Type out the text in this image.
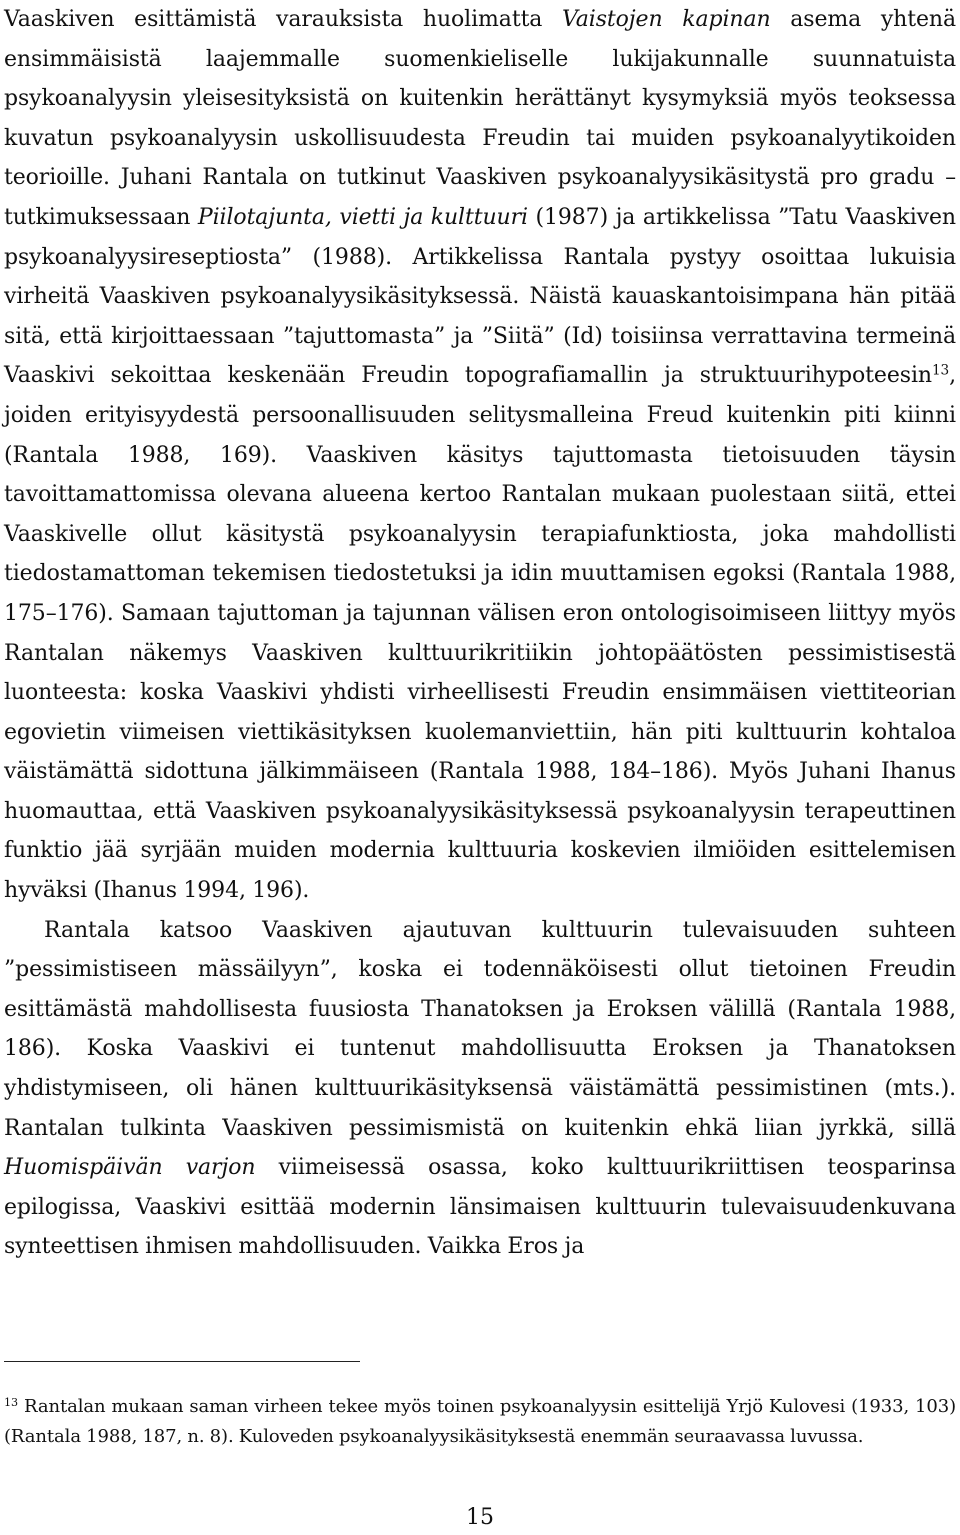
Vaaskiven esittämistä varauksista huolimatta Vaistojen kapinan asema yhtenä ensimmäisistä laajemmalle suomenkieliselle lukijakunnalle suunnatuista psykoanalyysin yleisesityksistä on kuitenkin herättänyt kysymyksiä myös teoksessa kuvatun psykoanalyysin uskollisuudesta Freudin tai muiden psykoanalyytikoiden teorioille. Juhani Rantala on tutkinut Vaaskiven psykoanalyysikäsitystä pro gradu –tutkimuksessaan Piilotajunta, vietti ja kulttuuri (1987) ja artikkelissa ”Tatu Vaaskiven psykoanalyysireseptiosta” (1988). Artikkelissa Rantala pystyy osoittaa lukuisia virheitä Vaaskiven psykoanalyysikäsityksessä. Näistä kauaskantoisimpana hän pitää sitä, että kirjoittaessaan ”tajuttomasta” ja ”Siitä” (Id) toisiinsa verrattavina termeinä Vaaskivi sekoittaa keskenään Freudin topografiamallin ja struktuurihypoteesin$^{13}$, joiden erityisyydestä persoonallisuuden selitysmalleina Freud kuitenkin piti kiinni (Rantala 1988, 169). Vaaskiven käsitys tajuttomasta tietoisuuden täysin tavoittamattomissa olevana alueena kertoo Rantalan mukaan puolestaan siitä, ettei Vaaskivelle ollut käsitystä psykoanalyysin terapiafunktiosta, joka mahdollisti tiedostamattoman tekemisen tiedostetuksi ja idin muuttamisen egoksi (Rantala 1988, 175–176). Samaan tajuttoman ja tajunnan välisen eron ontologisoimiseen liittyy myös Rantalan näkemys Vaaskiven kulttuurikritiikin johtopäätösten pessimistisestä luonteesta: koska Vaaskivi yhdisti virheellisesti Freudin ensimmäisen viettiteorian egovietin viimeisen viettikäsityksen kuolemanviettiin, hän piti kulttuurin kohtaloa väistämättä sidottuna jälkimmäiseen (Rantala 1988, 184–186). Myös Juhani Ihanus huomauttaa, että Vaaskiven psykoanalyysikäsityksessä psykoanalyysin terapeuttinen funktio jää syrjään muiden modernia kulttuuria koskevien ilmiöiden esittelemisen hyväksi (Ihanus 1994, 196).

Rantala katsoo Vaaskiven ajautuvan kulttuurin tulevaisuuden suhteen ”pessimistiseen mässäilyyn”, koska ei todennäköisesti ollut tietoinen Freudin esittämästä mahdollisesta fuusiosta Thanatoksen ja Eroksen välillä (Rantala 1988, 186). Koska Vaaskivi ei tuntenut mahdollisuutta Eroksen ja Thanatoksen yhdistymiseen, oli hänen kulttuurikäsityksensä väistämättä pessimistinen (mts.). Rantalan tulkinta Vaaskiven pessimismistä on kuitenkin ehkä liian jyrkkä, sillä Huomispäivän varjon viimeisessä osassa, koko kulttuurikriittisen teosparinsa epilogissa, Vaaskivi esittää modernin länsimaisen kulttuurin tulevaisuudenkuvana synteettisen ihmisen mahdollisuuden. Vaikka Eros ja

$^{13}$ Rantalan mukaan saman virheen tekee myös toinen psykoanalyysin esittelijä Yrjö Kulovesi (1933, 103) (Rantala 1988, 187, n. 8). Kuloveden psykoanalyysikäsityksestä enemmän seuraavassa luvussa.

15
